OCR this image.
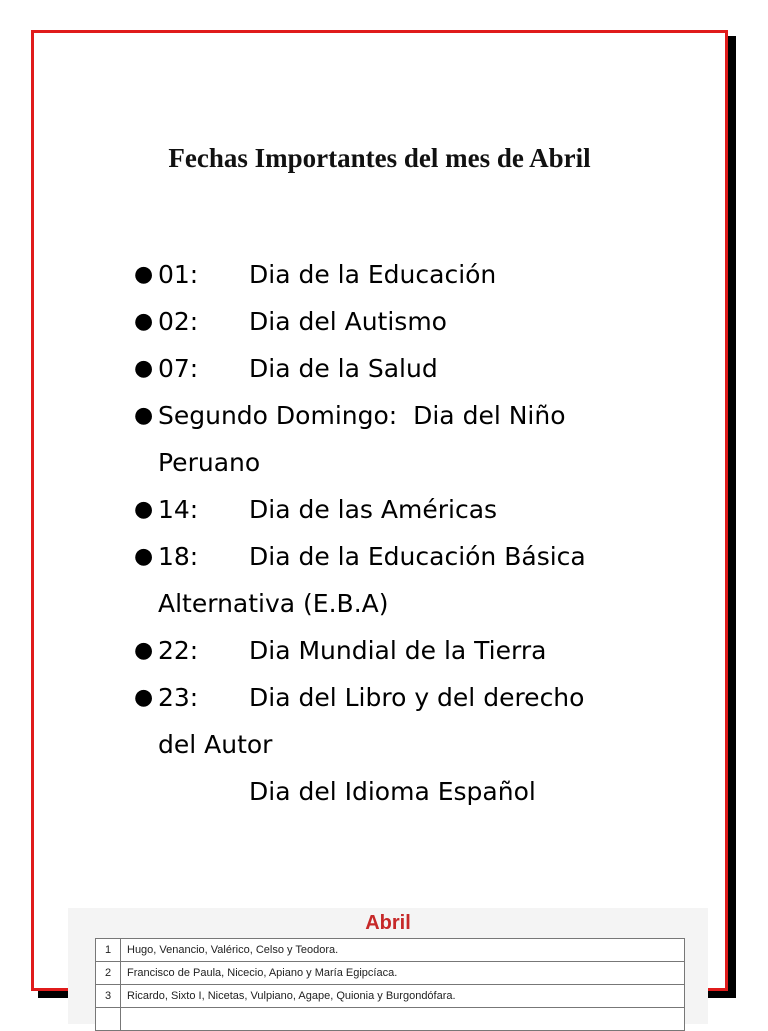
Fechas Importantes del mes de Abril
● 01:	Dia de la Educación
● 02:	Dia del Autismo
● 07:	Dia de la Salud
● Segundo Domingo:
Dia del Niño
Peruano
● 14:	Dia de las Américas
● 18:	Dia de la Educación Básica
Alternativa (E.B.A)
● 22:	Dia Mundial de la Tierra
● 23:	Dia del Libro y del derecho
del Autor
Dia del Idioma Español
Abril
1	Hugo, Venancio, Valérico, Celso y Teodora.
2	Francisco de Paula, Nicecio, Apiano y María Egipcíaca.
3	Ricardo, Sixto I, Nicetas, Vulpiano, Agape, Quionia y Burgondófara.
